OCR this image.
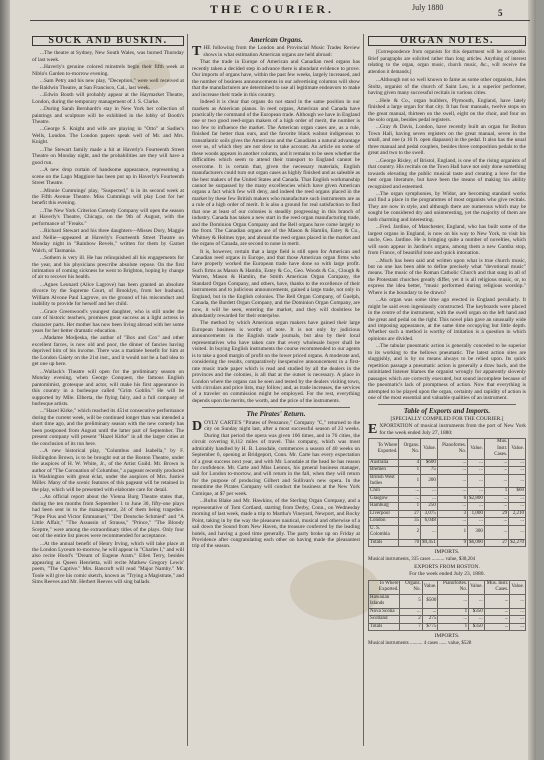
THE COURIER.	July 1880
5
SOCK AND BUSKIN.

...The theatre at Sydney, New South Wales, was burned Thursday of last week.

...Haverly's genuine colored minstrels begin their fifth week at Niblo's Garden to-morrow evening.

...Sam Petry and his new play, "Deception," were well received at the Baldwin Theatre, at San Francisco, Cal., last week.

...Edwin Booth will probably appear at the Haymarket Theatre, London, during the temporary management of J. S. Clarke.

...During Sarah Bernhardt's stay in New York her collection of paintings and sculpture will be exhibited in the lobby of Booth's Theatre.

...George S. Knight and wife are playing in "Otto" at Sadler's Wells, London. The London papers speak well of Mr. and Mrs. Knight.

...The Stewart family made a hit at Haverly's Fourteenth Street Theatre on Monday night, and the probabilities are they will have a good run.

...A new drop curtain of handsome appearance, representing a scene on the Lago Maggiore has been put up in Haverly's Fourteenth Street Theatre.

...Minnie Cummings' play, "Suspected," is in its second week at the Fifth Avenue Theatre. Miss Cummings will play Lost for her benefit this evening.

...The New York Criterion Comedy Company will open the season at Haverly's Theatre, Chicago, on the 9th of August, with the performance of "Freaks."

...Richard Stewart and his three daughters—Misses Dory, Maggie and Nellie—appeared at Haverly's Fourteenth Street Theatre on Monday night in "Rainbow Revels," written for them by Garnet Walch, of Tasmania.

...Sothern is very ill. He has relinquished all his engagements for the year, and his physicians prescribe absolute repose. On the first intimation of coming sickness he went to Brighton, hoping by change of air to recover his health.

...Agnes Leonard (Alice Lagrove) has been granted an absolute divorce by the Supreme Court, of Brooklyn, from her husband, William Alvone Paul Lagrove, on the ground of his misconduct and inability to provide for herself and her child.

...Grace Greenwood's youngest daughter, who is still under the care of historic teachers, promises great success as a light actress in character parts. Her mother has now been living abroad with her some years for her better dramatic education.

...Madame Modjeska, the author of "Box and Cox" and other excellent farces, is now old and poor, the dinner of fancies having deprived him of his income. There was a matinée benefit for him at the London Gaiety on the 21st inst., and it would not be a bad idea to get one up here.

...Wallack's Theatre will open for the preliminary season on Monday evening, when George Conquest, the famous English pantomimist, grotesque and actor, will make his first appearance in this country in a burlesque called "Grim Goblin." He will be supported by Mlle. Elberta, the flying fairy, and a full company of burlesque artists.

..."Hazel Kirke," which reached its 451st consecutive performance during the current week, will be continued longer than was intended a short time ago, and the preliminary season with the new comedy has been postponed from August until the latter part of September. The present company will present "Hazel Kirke" in all the larger cities at the conclusion of its run here.

...A new historical play, "Columbus and Isabella," by F. Hollingdon Brown, is to be brought out at the Boston Theatre, under the auspices of H. W. White, Jr., of the Artist Guild. Mr. Brown is author of "The Coronation of Columbus," a pageant recently produced in Washington with great éclat, under the auspices of Mrs. Justice Miller. Many of the scenic features of this pageant will be retained in the play, which will be presented with elaborate care for detail.

...An official report about the Vienna Burg Theatre states that, during the ten months from September 1 to June 30, fifty-one plays had been sent in to the management, 24 of them being tragedies. "Pope Pius and Victor Emmanuel," "Der Deutsche Schmied" and "A Little Affair," "The Assassin of Strauss," "Prince," "The Bloody Sceptre," were among the extraordinary titles of the plays. Only four out of the entire list pieces were recommended for acceptance.

...At the annual benefit of Henry Irving, which will take place at the London Lyceum to-morrow, he will appear in "Charles I," and will also recite Hood's "Dream of Eugene Aram." Ellen Terry, besides appearing as Queen Henrietta, will recite Mathew Gregory Lewis' poem, "The Captive." Mrs. Bancroft will read "Major Namby." Mr. Toole will give his comic sketch, known as "Trying a Magistrate," and Sims Reeves and Mr. Herbert Reeves will sing ballads.

American Organs.

THE following from the London and Provincial Music Trades Review shows in what estimation American organs are held abroad:

That the trade in Europe of American and Canadian reed organs has recently taken a decided step in advance there is abundant evidence to prove. Our imports of organs have, within the past few weeks, largely increased, and the number of business announcements in our advertising columns will show that the manufacturers are determined to use all legitimate endeavors to make and increase their trade in this country.

Indeed it is clear that organs do not stand in the same position in our markets as American pianos. In reed organs, American and Canada have practically the command of the European trade. Although we have in England one or two good reed-organ makers of a high order of merit, the number is too few to influence the market. The American organ cases are, as a rule, finished far better than ours, and the favorite black walnut indigenous to transatlantic soils gives the Americans and the Canadians a natural advantage over us, of which they are not slow to take account. An article on some of these woods appears in another column, and it remains to be seen whether the difficulties which seem to attend their transport to England cannot be overcome. It is certain that, given the necessary materials, English manufacturers could turn out organ cases as highly finished and as saleable as the best makers of the United States and Canada. That English workmanship cannot be surpassed by the many excellencies which have given American organs a fact which few will deny, and indeed the reed organs placed in the market by these few British makers who manufacture such instruments are as a rule of a high order of merit. It is also a ground for real satisfaction to find that one at least of our colonies is steadily progressing in this branch of industry. Canada has taken a new start in the reed organ manufacturing trade, and the Dominion Organ Company and the Bell organs have come largely to the front. The Canadian organs are of the Mason & Hamlin, Estey & Co., Whitney & Holmes type, and abroad the reed organs placed in the market and the organs of Canada, are second to none in merit.

It is, however, certain that a large field is still open for American and Canadian reed organs in Europe, and that those American organ firms who have properly worked the European trade have done so with large profit. Such firms as Mason & Hamlin, Estey & Co., Geo. Woods & Co., Clough & Warren, Mason & Hamlin, the Smith American Organ Company, the Standard Organ Company, and others, have, thanks to the excellence of their instruments and to judicious announcements, gained a large trade, not only in England, but in the English colonies. The Bell Organ Company, of Guelph, Canada, the Burdett Organ Company, and the Dominion Organ Company, are now, it will be seen, entering the market, and they will doubtless be abundantly rewarded for their enterprise.

The method by which American organ makers have gained their large European business is worthy of note. It is not only by judicious announcements in the English trade journals, but also by their local representatives who have taken care that every wholesale buyer shall be visited. In buying English instruments the course recommended to our agents is to take a good margin of profit on the lower priced organs. A moderate and, considering the results, comparatively inexpensive announcement in a first-rate music trade paper which is read and studied by all the dealers in the provinces and the colonies, is all that at the outset is necessary. A place in London where the organs can be seen and tested by the dealers visiting town, with circulars and price lists, may follow; and, as trade increases, the services of a traveler on commission might be employed. For the rest, everything depends upon the merits, the worth, and the price of the instruments.

The Pirates' Return.

DOYLY CARTE'S "Pirates of Penzance," Company "C," returned to the city on Sunday night last, after a most successful season of 23 weeks. During that period the opera was given 166 times, and in 76 cities, the circuit covering 8,112 miles of travel. This company, which was most admirably handled by H. B. Lonsdale, commences a season of 40 weeks on September 6, opening at Bridgeport, Conn. Mr. Carte has every expectation of a great success next year, and with Mr. Lonsdale at the head he has reason for confidence. Mr. Carte and Miss Lennox, his general business manager, sail for London to-morrow, and will return in the fall, when they will return for the purpose of producing Gilbert and Sullivan's new opera. In the meantime the Pirates Company will conduct the business at the New York Comique, at $7 per week.

...Rufus Blake and Mr. Hawkins, of the Sterling Organ Company, and a representative of Tom Cortland, starting from Derby, Conn., on Wednesday morning of last week, made a trip to Martha's Vineyard, Newport, and Rocky Point, taking in by the way the pleasures nautical, musical and otherwise of a sail down the Sound from New Haven, the treasure conferred by the leading hotels, and having a good time generally. The party broke up on Friday at Providence after congratulating each other on having made the pleasantest trip of the season.

ORGAN NOTES.

[Correspondence from organists for this department will be acceptable. Brief paragraphs are solicited rather than long articles. Anything of interest relating to the organ, organ music, church music, &c., will receive the attention it demands.]

...Although not so well known to fame as some other organists, Jules Stoltz, organist of the church of Saint Leu, is a superior performer, having given many successful recitals in various cities.

...Hele & Co., organ builders, Plymouth, England, have lately finished a large organ for that city. It has four manuals, twelve stops on the great manual, thirteen on the swell, eight on the choir, and four on the solo organ, besides pedal registers.

...Gray & Davis, London, have recently built an organ for Bolton Town Hall, having seven registers on the great manual, seven in the small, and one (a 16 ft. open diapason) in the pedal. It also has the usual three manual and pedal couplers, besides three composition pedals to the great and two to the swell.

...George Risley, of Bristol, England, is one of the rising organists of that country. His recitals on the Town Hall have not only done something towards elevating the public musical taste and creating a love for the best organ literature, but have been the means of making his ability recognized and esteemed.

...The organ symphonies, by Widor, are becoming standard works and find a place in the programmes of most organists who give recitals. They are now in style, and although there are numerous which may be sought be considered dry and uninteresting, yet the majority of them are both charming and interesting.

...Fred. Jardine, of Manchester, England, who has built some of the largest organs in England, is now on his way to New York, to visit his uncle, Geo. Jardine. He is bringing quite a number of novelties, which will soon appear in Jardine's organs, among them a new Gamba stop, from France, of beautiful tone and quick intonation.

...Much has been said and written upon what is true church music, but no one has been able to define precisely what "devotional music" means. The music of the Roman Catholic Church and that sung in all of the Protestant churches greatly differ, yet it is all religious music, or, to express the idea better, "music performed during religious worship." Where is the boundary to be drawn?

...An organ was some time ago erected in England peculiarly. It might be said even ingeniously constructed. The keyboards were placed in the centre of the instrument, with the swell organ on the left hand and the great and pedal on the right. This novel plan gave an unusually wide and imposing appearance, at the same time occupying but little depth. Whether such a method is worthy of imitation is a question in which opinions are divided.

...The tabular pneumatic action is generally conceded to be superior to its working to the bellows pneumatic. The latest action sites are sluggishly, and is by no means always to be relied upon. Its quick repetition passage a pneumatic action is generally a draw back, and the uninitiated listener blames the organist wrongly for apparently slovenly passages which are correctly executed, but sound incomplete because of the pneumatic's lack of promptness of action. Now that everything is attempted to be played upon the organ, certainty and rapidity of action is one of the most essential and valuable qualities of an instrument.

Table of Exports and Imports.
[SPECIALLY COMPILED FOR THE COURIER.]

EXPORTATION of musical instruments from the port of New York for the week ended July 27, 1880:

To Where Exported.	Organs. No.	Value.	Pianofortes. No.	Value.	Mus. Instr. Cases.	Value.
Australia	4	$600	...	...	...	...
Bremen	1	75	...	...	...	...
British West Indies	1	200	...	...	...	...
Chili	...	...	...	...	1	$60
Glasgow	...	...	6	$2,800	...	...
Hamburg	1	250	...	...	...	...
Liverpool	27	3,075	3	1,000	29	2,210
London	35	6,048	...	...	...	...
U. S. Colombia	2	...	1	300	...	...
Totals	70	$9,451	9	$6,000	27	$2,270
IMPORTS.
Musical instruments, 335 cases .......... value, $38,204
EXPORTS FROM BOSTON.
For the week ended July 23, 1880.
To Where Exported.	Organs. No.	Value.	Pianofortes. No.	Value.	Mus. Instr. Cases.	Value.
Hawaiian Islands	5	$500	...	...	...	...
Nova Scotia	...	...	1	$350	...	...
Scotland	2	275	...	...	...	...
Totals	7	$775	1	$350	...	...
IMPORTS.
Musical instruments .......... 4 cases ...... value, $528
